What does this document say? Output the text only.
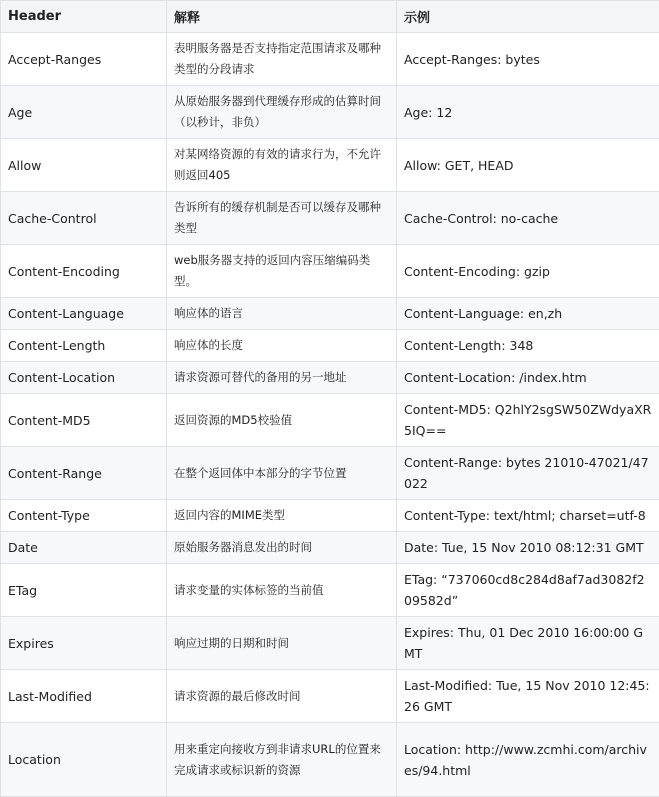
Header	解释	示例
Accept-Ranges	表明服务器是否支持指定范围请求及哪种类型的分段请求	Accept-Ranges: bytes
Age	从原始服务器到代理缓存形成的估算时间（以秒计，非负）	Age: 12
Allow	对某网络资源的有效的请求行为，不允许则返回405	Allow: GET, HEAD
Cache-Control	告诉所有的缓存机制是否可以缓存及哪种类型	Cache-Control: no-cache
Content-Encoding	web服务器支持的返回内容压缩编码类型。	Content-Encoding: gzip
Content-Language	响应体的语言	Content-Language: en,zh
Content-Length	响应体的长度	Content-Length: 348
Content-Location	请求资源可替代的备用的另一地址	Content-Location: /index.htm
Content-MD5	返回资源的MD5校验值	Content-MD5: Q2hlY2sgSW50ZWdyaXR5IQ==
Content-Range	在整个返回体中本部分的字节位置	Content-Range: bytes 21010-47021/47022
Content-Type	返回内容的MIME类型	Content-Type: text/html; charset=utf-8
Date	原始服务器消息发出的时间	Date: Tue, 15 Nov 2010 08:12:31 GMT
ETag	请求变量的实体标签的当前值	ETag: “737060cd8c284d8af7ad3082f209582d”
Expires	响应过期的日期和时间	Expires: Thu, 01 Dec 2010 16:00:00 GMT
Last-Modified	请求资源的最后修改时间	Last-Modified: Tue, 15 Nov 2010 12:45:26 GMT
Location	用来重定向接收方到非请求URL的位置来完成请求或标识新的资源	Location: http://www.zcmhi.com/archives/94.html
